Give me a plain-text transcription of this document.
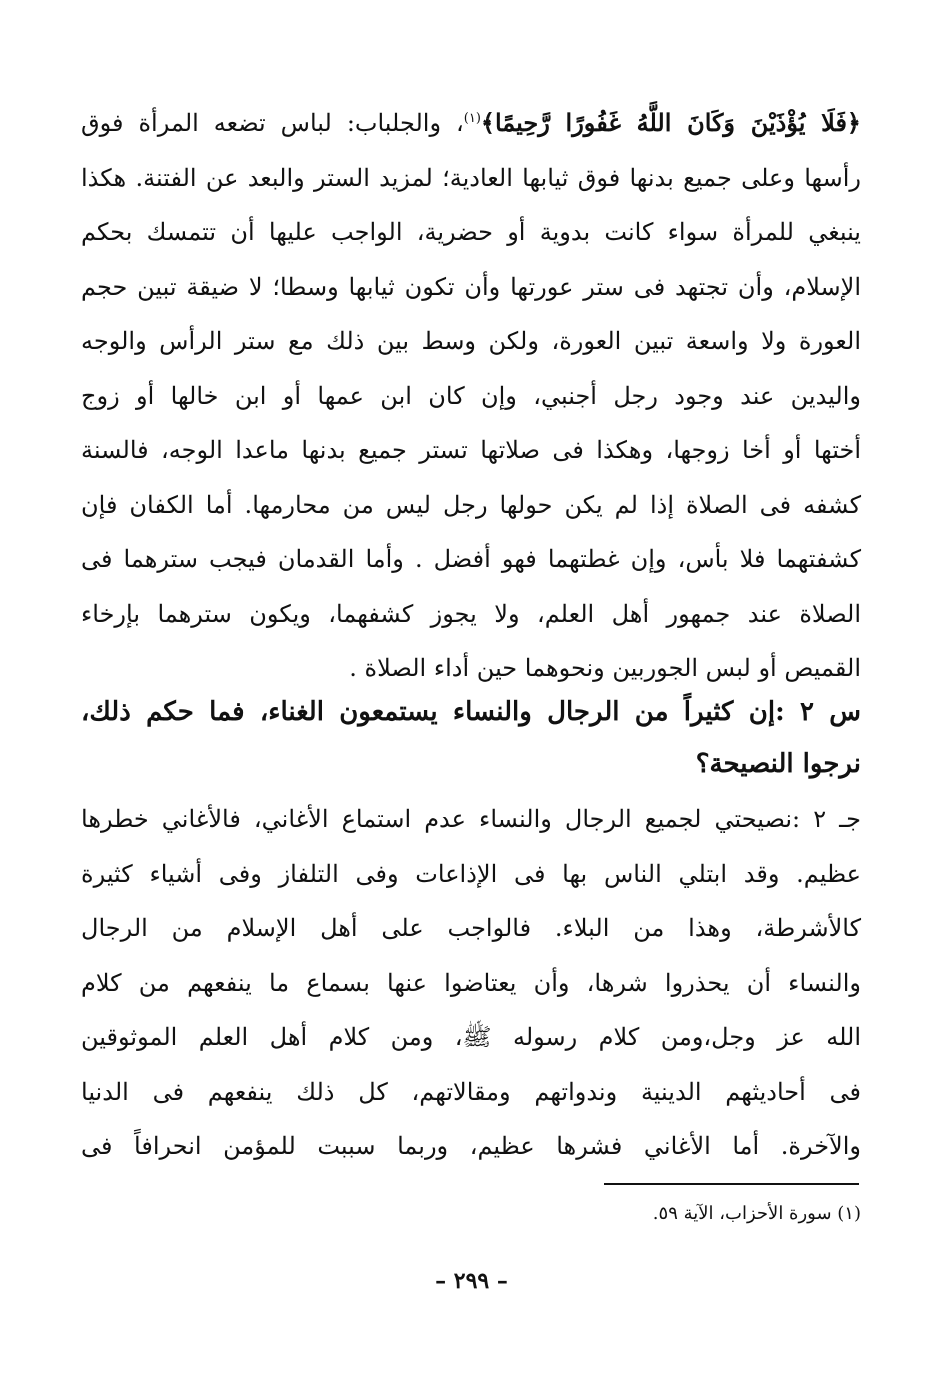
﴿فَلَا يُؤْذَيْنَ وَكَانَ اللَّهُ غَفُورًا رَّحِيمًا﴾$^{(١)}$، والجلباب: لباس تضعه المرأة فوق
رأسها وعلى جميع بدنها فوق ثيابها العادية؛ لمزيد الستر والبعد عن الفتنة. هكذا
ينبغي للمرأة سواء كانت بدوية أو حضرية، الواجب عليها أن تتمسك بحكم
الإسلام، وأن تجتهد فى ستر عورتها وأن تكون ثيابها وسطا؛ لا ضيقة تبين حجم
العورة ولا واسعة تبين العورة، ولكن وسط بين ذلك مع ستر الرأس والوجه
واليدين عند وجود رجل أجنبي، وإن كان ابن عمها أو ابن خالها أو زوج
أختها أو أخا زوجها، وهكذا فى صلاتها تستر جميع بدنها ماعدا الوجه، فالسنة
كشفه فى الصلاة إذا لم يكن حولها رجل ليس من محارمها. أما الكفان فإن
كشفتهما فلا بأس، وإن غطتهما فهو أفضل . وأما القدمان فيجب سترهما فى
الصلاة عند جمهور أهل العلم، ولا يجوز كشفهما، ويكون سترهما بإرخاء
القميص أو لبس الجوربين ونحوهما حين أداء الصلاة .
س ٢ :إن كثيراً من الرجال والنساء يستمعون الغناء، فما حكم ذلك،
نرجوا النصيحة؟
جـ ٢ :نصيحتي لجميع الرجال والنساء عدم استماع الأغاني، فالأغاني خطرها
عظيم. وقد ابتلي الناس بها فى الإذاعات وفى التلفاز وفى أشياء كثيرة
كالأشرطة، وهذا من البلاء. فالواجب على أهل الإسلام من الرجال
والنساء أن يحذروا شرها، وأن يعتاضوا عنها بسماع ما ينفعهم من كلام
الله عز وجل،ومن كلام رسوله ﷺ، ومن كلام أهل العلم الموثوقين
فى أحاديثهم الدينية وندواتهم ومقالاتهم، كل ذلك ينفعهم فى الدنيا
والآخرة. أما الأغاني فشرها عظيم، وربما سببت للمؤمن انحرافاً فى
(١) سورة الأحزاب، الآية ٥٩.
– ٢٩٩ –
